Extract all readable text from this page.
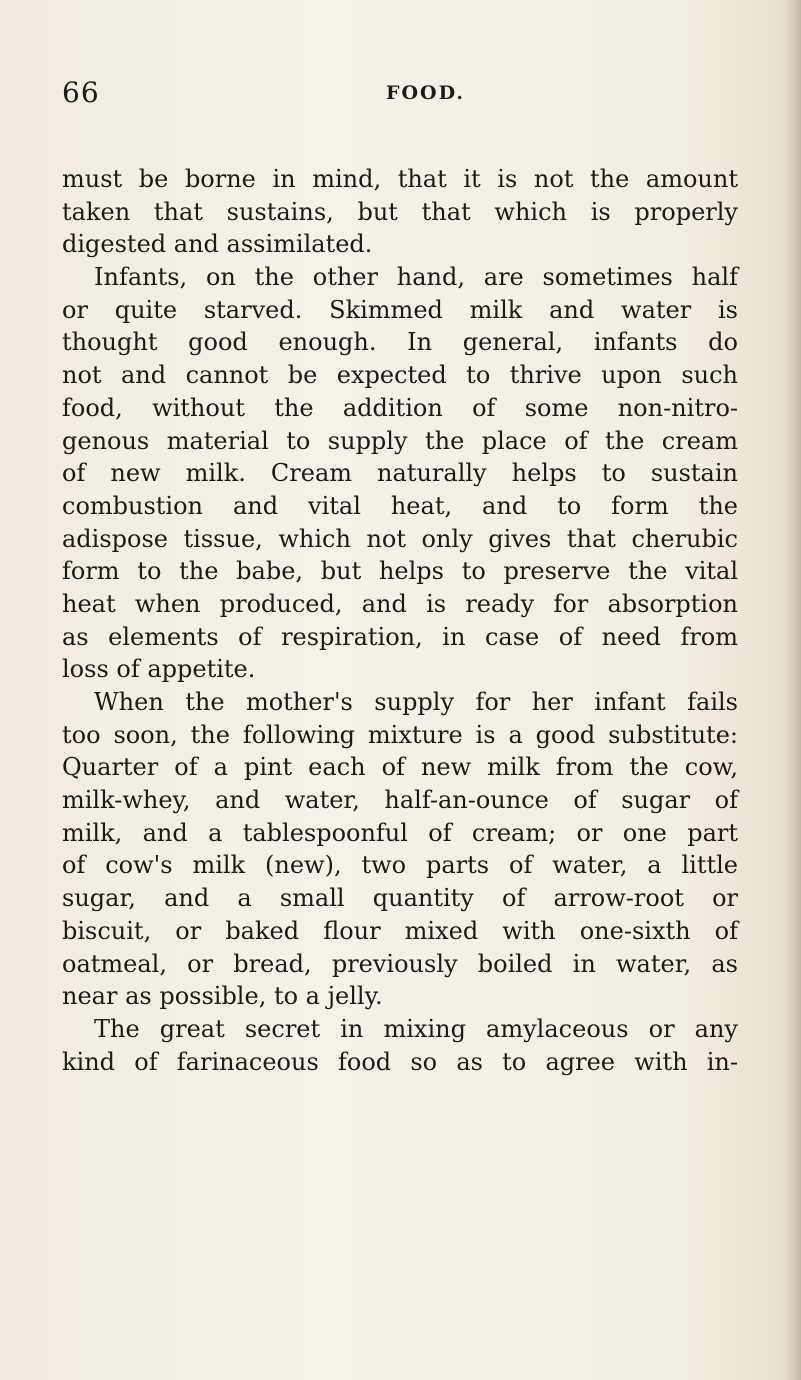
66	FOOD.
must be borne in mind, that it is not the amount
taken that sustains, but that which is properly
digested and assimilated.
Infants, on the other hand, are sometimes half
or quite starved. Skimmed milk and water is
thought good enough. In general, infants do
not and cannot be expected to thrive upon such
food, without the addition of some non-nitro-
genous material to supply the place of the cream
of new milk. Cream naturally helps to sustain
combustion and vital heat, and to form the
adispose tissue, which not only gives that cherubic
form to the babe, but helps to preserve the vital
heat when produced, and is ready for absorption
as elements of respiration, in case of need from
loss of appetite.
When the mother's supply for her infant fails
too soon, the following mixture is a good substitute:
Quarter of a pint each of new milk from the cow,
milk-whey, and water, half-an-ounce of sugar of
milk, and a tablespoonful of cream; or one part
of cow's milk (new), two parts of water, a little
sugar, and a small quantity of arrow-root or
biscuit, or baked flour mixed with one-sixth of
oatmeal, or bread, previously boiled in water, as
near as possible, to a jelly.
The great secret in mixing amylaceous or any
kind of farinaceous food so as to agree with in-
